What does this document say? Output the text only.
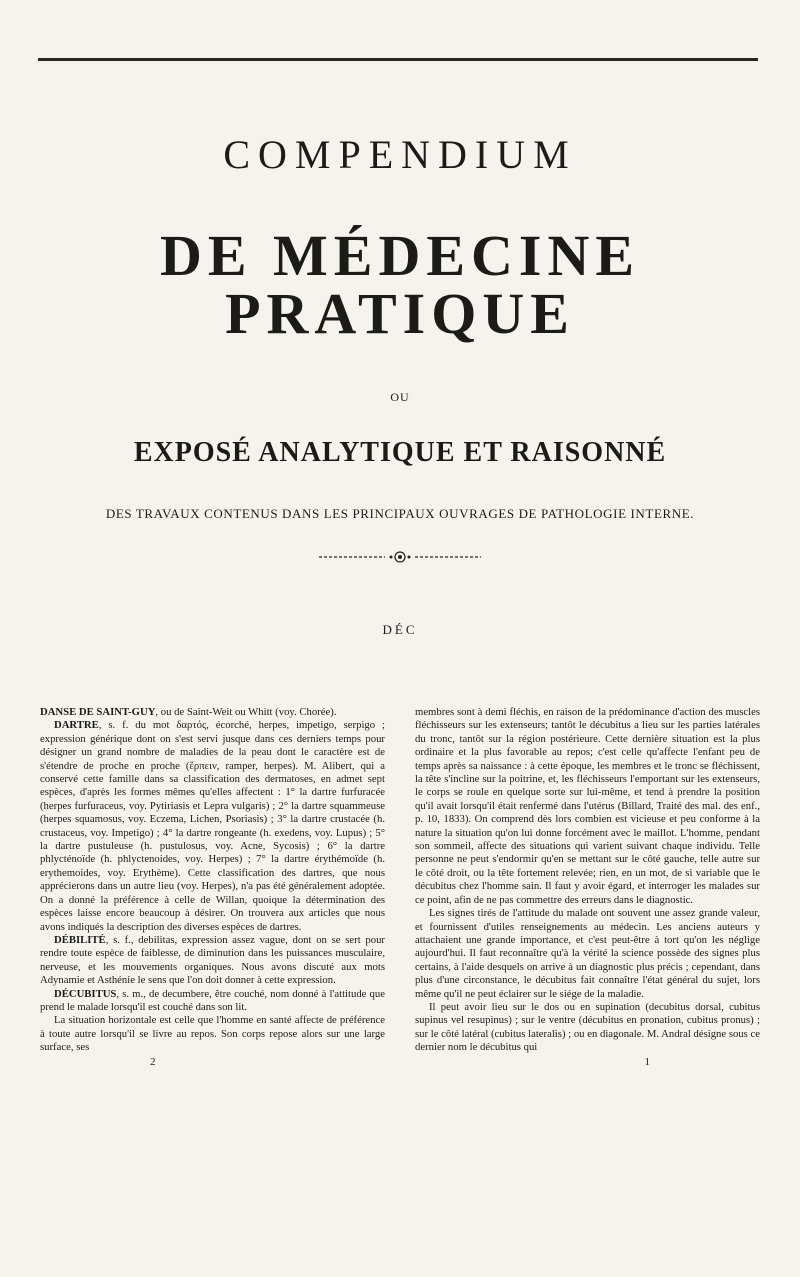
COMPENDIUM
DE MÉDECINE PRATIQUE
OU
EXPOSÉ ANALYTIQUE ET RAISONNÉ
DES TRAVAUX CONTENUS DANS LES PRINCIPAUX OUVRAGES DE PATHOLOGIE INTERNE.
DÉC

DANSE DE SAINT-GUY, ou de Saint-Weit ou Whitt (voy. Chorée).

DARTRE, s. f. du mot δαρτός, écorché, herpes, impetigo, serpigo ; expression générique dont on s'est servi jusque dans ces derniers temps pour désigner un grand nombre de maladies de la peau dont le caractère est de s'étendre de proche en proche (ἕρπειν, ramper, herpes). M. Alibert, qui a conservé cette famille dans sa classification des dermatoses, en admet sept espèces, d'après les formes mêmes qu'elles affectent : 1° la dartre furfuracée (herpes furfuraceus, voy. Pytiriasis et Lepra vulgaris) ; 2° la dartre squammeuse (herpes squamosus, voy. Eczema, Lichen, Psoriasis) ; 3° la dartre crustacée (h. crustaceus, voy. Impetigo) ; 4° la dartre rongeante (h. exedens, voy. Lupus) ; 5° la dartre pustuleuse (h. pustulosus, voy. Acne, Sycosis) ; 6° la dartre phlycténoïde (h. phlyctenoides, voy. Herpes) ; 7° la dartre érythémoïde (h. erythemoides, voy. Erythème). Cette classification des dartres, que nous apprécierons dans un autre lieu (voy. Herpes), n'a pas été généralement adoptée. On a donné la préférence à celle de Willan, quoique la détermination des espèces laisse encore beaucoup à désirer. On trouvera aux articles que nous avons indiqués la description des diverses espèces de dartres.

DÉBILITÉ, s. f., debilitas, expression assez vague, dont on se sert pour rendre toute espèce de faiblesse, de diminution dans les puissances musculaire, nerveuse, et les mouvements organiques. Nous avons discuté aux mots Adynamie et Asthénie le sens que l'on doit donner à cette expression.

DÉCUBITUS, s. m., de decumbere, être couché, nom donné à l'attitude que prend le malade lorsqu'il est couché dans son lit.

La situation horizontale est celle que l'homme en santé affecte de préférence à toute autre lorsqu'il se livre au repos. Son corps repose alors sur une large surface, ses

2

membres sont à demi fléchis, en raison de la prédominance d'action des muscles fléchisseurs sur les extenseurs; tantôt le décubitus a lieu sur les parties latérales du tronc, tantôt sur la région postérieure. Cette dernière situation est la plus ordinaire et la plus favorable au repos; c'est celle qu'affecte l'enfant peu de temps après sa naissance : à cette époque, les membres et le tronc se fléchissent, la tête s'incline sur la poitrine, et, les fléchisseurs l'emportant sur les extenseurs, le corps se roule en quelque sorte sur lui-même, et tend à prendre la position qu'il avait lorsqu'il était renfermé dans l'utérus (Billard, Traité des mal. des enf., p. 10, 1833). On comprend dès lors combien est vicieuse et peu conforme à la nature la situation qu'on lui donne forcément avec le maillot. L'homme, pendant son sommeil, affecte des situations qui varient suivant chaque individu. Telle personne ne peut s'endormir qu'en se mettant sur le côté gauche, telle autre sur le côté droit, ou la tête fortement relevée; rien, en un mot, de si variable que le décubitus chez l'homme sain. Il faut y avoir égard, et interroger les malades sur ce point, afin de ne pas commettre des erreurs dans le diagnostic.

Les signes tirés de l'attitude du malade ont souvent une assez grande valeur, et fournissent d'utiles renseignements au médecin. Les anciens auteurs y attachaient une grande importance, et c'est peut-être à tort qu'on les néglige aujourd'hui. Il faut reconnaître qu'à la vérité la science possède des signes plus certains, à l'aide desquels on arrive à un diagnostic plus précis ; cependant, dans plus d'une circonstance, le décubitus fait connaître l'état général du sujet, lors même qu'il ne peut éclairer sur le siége de la maladie.

Il peut avoir lieu sur le dos ou en supination (decubitus dorsal, cubitus supinus vel resupinus) ; sur le ventre (décubitus en pronation, cubitus pronus) ; sur le côté latéral (cubitus lateralis) ; ou en diagonale. M. Andral désigne sous ce dernier nom le décubitus qui

1
